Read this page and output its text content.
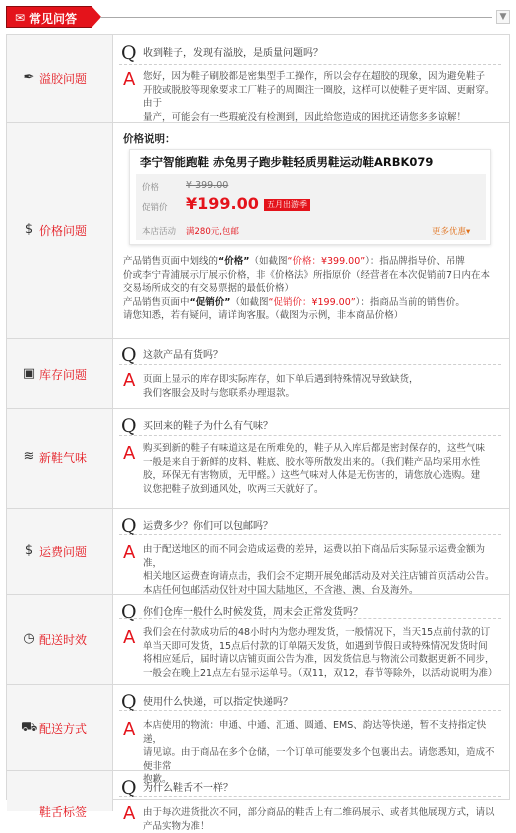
✉ 常见问答	▼
✒ 溢胶问题
Q 收到鞋子，发现有溢胶，是质量问题吗？
A 您好，因为鞋子刷胶都是密集型手工操作，所以会存在超胶的现象，因为避免鞋子
开胶或脱胶等现象要求工厂鞋子的周圈注一圈胶，这样可以使鞋子更牢固、更耐穿。由于
量产，可能会有一些瑕疵没有检测到，因此给您造成的困扰还请您多多谅解！
$ 价格问题
价格说明：
李宁智能跑鞋 赤兔男子跑步鞋轻质男鞋运动鞋ARBK079
价格	¥ 399.00
促销价 ¥199.00	五月出游季
本店活动 满280元,包邮	更多优惠▾
产品销售页面中划线的“价格”（如截图“价格：¥399.00”）：指品牌指导价、吊牌
价或李宁青浦展示厅展示价格，非《价格法》所指原价（经营者在本次促销前7日内在本
交易场所成交的有交易票据的最低价格）
产品销售页面中“促销价”（如截图“促销价：¥199.00”）：指商品当前的销售价。
请您知悉，若有疑问，请详询客服。（截图为示例，非本商品价格）
▣ 库存问题
Q 这款产品有货吗？
A 页面上显示的库存即实际库存，如下单后遇到特殊情况导致缺货，
我们客服会及时与您联系办理退款。
≋ 新鞋气味
Q 买回来的鞋子为什么有气味？
A 购买到新的鞋子有味道这是在所难免的，鞋子从入库后都是密封保存的，这些气味
一般是来自于新鲜的皮料、鞋底、胶水等所散发出来的。（我们鞋产品均采用水性
胶，环保无有害物质，无甲醛。）这些气味对人体是无伤害的，请您放心选购。建
议您把鞋子放到通风处，吹两三天就好了。
$ 运费问题
Q 运费多少？你们可以包邮吗？
A 由于配送地区的而不同会造成运费的差异，运费以拍下商品后实际显示运费金额为准，
相关地区运费查询请点击，我们会不定期开展免邮活动及对关注店铺首页活动公告。
本店任何包邮活动仅针对中国大陆地区，不含港、澳、台及海外。
◷ 配送时效
Q 你们仓库一般什么时候发货，周末会正常发货吗？
A 我们会在付款成功后的48小时内为您办理发货，一般情况下，当天15点前付款的订
单当天即可发货，15点后付款的订单隔天发货，如遇到节假日或特殊情况发货时间
将相应延后，届时请以店铺页面公告为准，因发货信息与物流公司数据更新不同步，
一般会在晚上21点左右显示运单号。（双11，双12，春节等除外，以活动说明为准）
⛟ 配送方式
Q 使用什么快递，可以指定快递吗？
A 本店使用的物流：申通、中通、汇通、圆通、EMS、韵达等快递，暂不支持指定快递，
请见谅。由于商品在多个仓储，一个订单可能要发多个包裹出去。请您悉知，造成不便非常
抱歉。
鞋舌标签
Q 为什么鞋舌不一样？
A 由于每次进货批次不同，部分商品的鞋舌上有二维码展示、或者其他展现方式，请以
产品实物为准！
